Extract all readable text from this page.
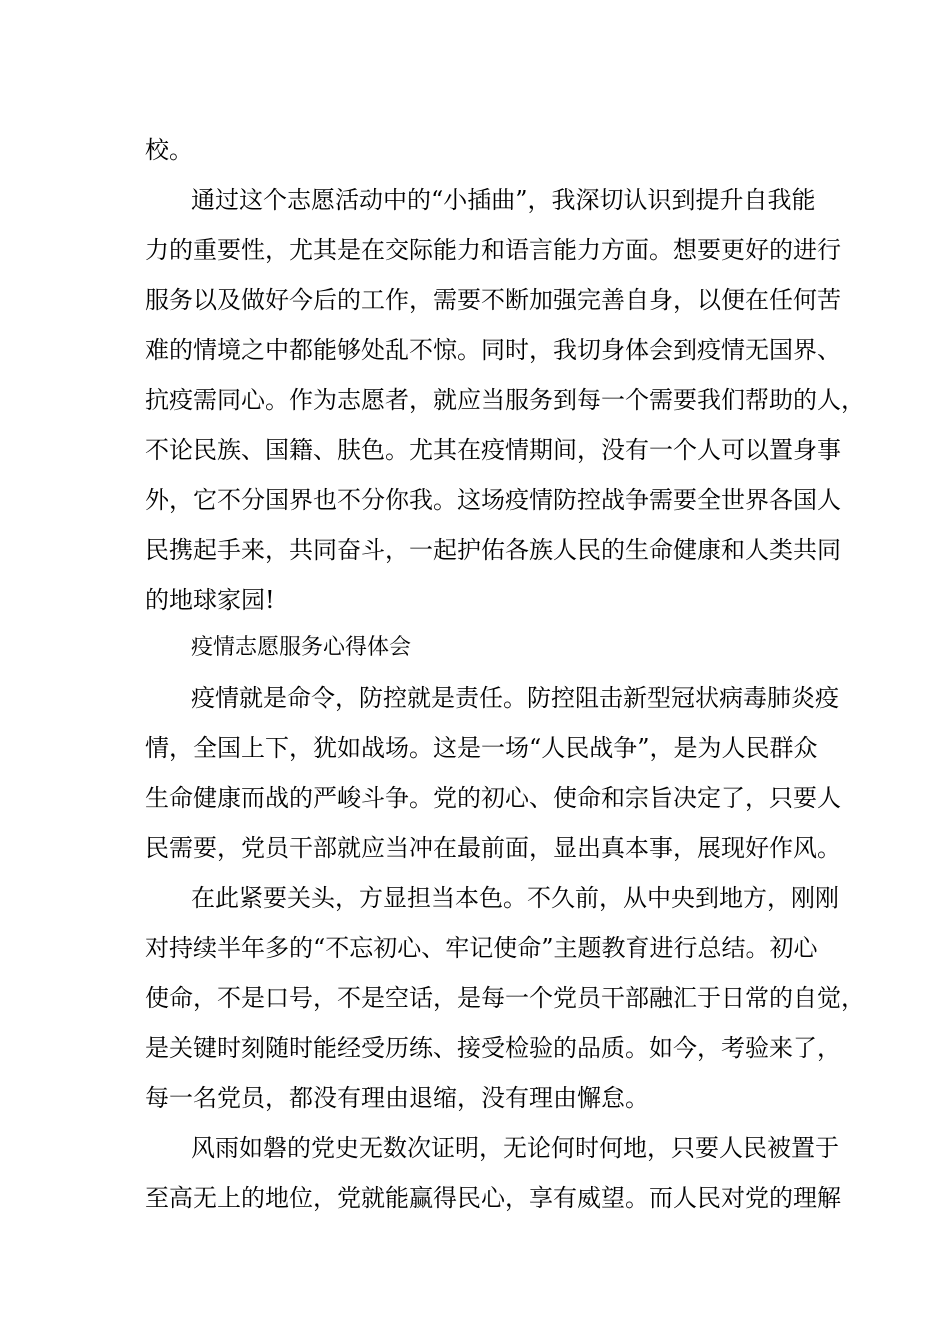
校。
通过这个志愿活动中的“小插曲”，我深切认识到提升自我能
力的重要性，尤其是在交际能力和语言能力方面。想要更好的进行
服务以及做好今后的工作，需要不断加强完善自身，以便在任何苦
难的情境之中都能够处乱不惊。同时，我切身体会到疫情无国界、
抗疫需同心。作为志愿者，就应当服务到每一个需要我们帮助的人，
不论民族、国籍、肤色。尤其在疫情期间，没有一个人可以置身事
外，它不分国界也不分你我。这场疫情防控战争需要全世界各国人
民携起手来，共同奋斗，一起护佑各族人民的生命健康和人类共同
的地球家园!
疫情志愿服务心得体会
疫情就是命令，防控就是责任。防控阻击新型冠状病毒肺炎疫
情，全国上下，犹如战场。这是一场“人民战争”，是为人民群众
生命健康而战的严峻斗争。党的初心、使命和宗旨决定了，只要人
民需要，党员干部就应当冲在最前面，显出真本事，展现好作风。
在此紧要关头，方显担当本色。不久前，从中央到地方，刚刚
对持续半年多的“不忘初心、牢记使命”主题教育进行总结。初心
使命，不是口号，不是空话，是每一个党员干部融汇于日常的自觉，
是关键时刻随时能经受历练、接受检验的品质。如今，考验来了，
每一名党员，都没有理由退缩，没有理由懈怠。
风雨如磐的党史无数次证明，无论何时何地，只要人民被置于
至高无上的地位，党就能赢得民心，享有威望。而人民对党的理解
